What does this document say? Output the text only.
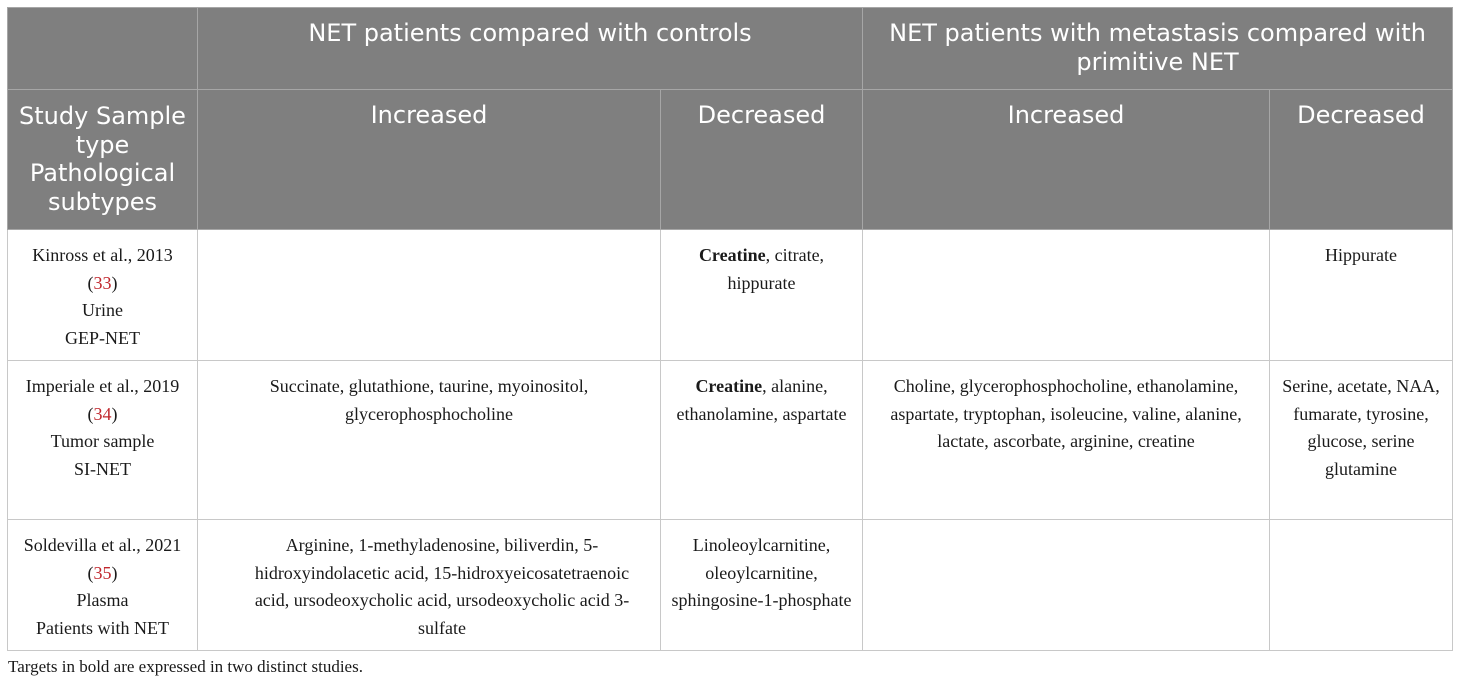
	NET patients compared with controls		NET patients with metastasis compared with primitive NET	
Study Sample type Pathological subtypes	Increased	Decreased	Increased	Decreased
Kinross et al., 2013 (33)
Urine
GEP-NET		Creatine, citrate, hippurate		Hippurate
Imperiale et al., 2019 (34)
Tumor sample
SI-NET	Succinate, glutathione, taurine, myoinositol, glycerophosphocholine	Creatine, alanine, ethanolamine, aspartate	Choline, glycerophosphocholine, ethanolamine, aspartate, tryptophan, isoleucine, valine, alanine, lactate, ascorbate, arginine, creatine	Serine, acetate, NAA, fumarate, tyrosine, glucose, serine glutamine
Soldevilla et al., 2021 (35)
Plasma
Patients with NET	Arginine, 1-methyladenosine, biliverdin, 5-hidroxyindolacetic acid, 15-hidroxyeicosatetraenoic acid, ursodeoxycholic acid, ursodeoxycholic acid 3-sulfate	Linoleoylcarnitine, oleoylcarnitine, sphingosine-1-phosphate		
Targets in bold are expressed in two distinct studies.
